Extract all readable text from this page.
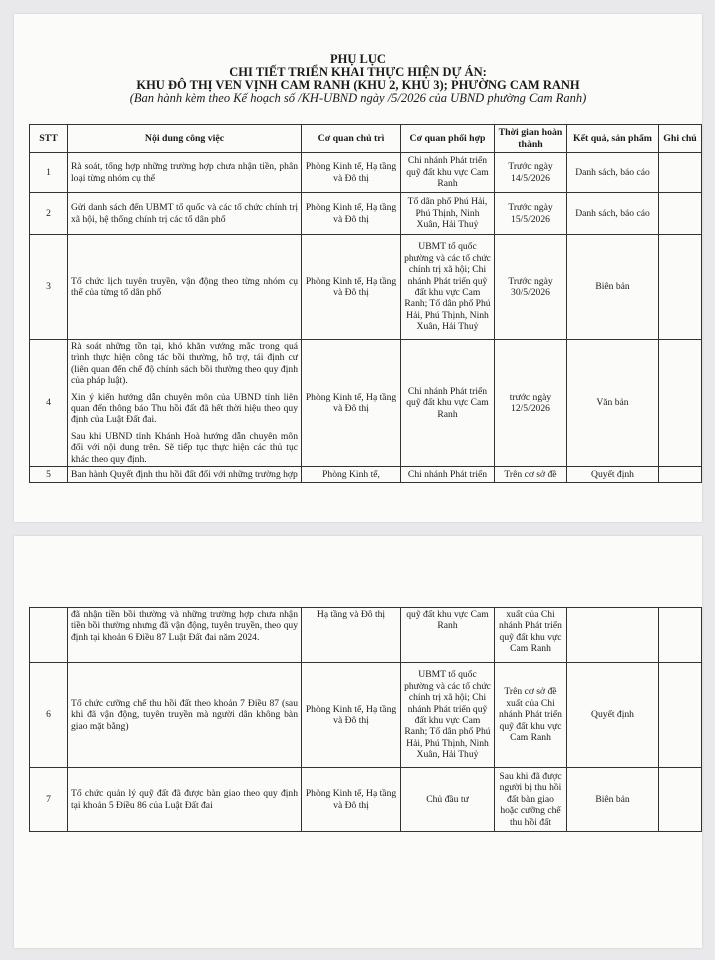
PHỤ LỤC
CHI TIẾT TRIỂN KHAI THỰC HIỆN DỰ ÁN:
KHU ĐÔ THỊ VEN VỊNH CAM RANH (KHU 2, KHU 3); PHƯỜNG CAM RANH
(Ban hành kèm theo Kế hoạch số /KH-UBND ngày /5/2026 của UBND phường Cam Ranh)
STT	Nội dung công việc	Cơ quan chủ trì	Cơ quan phối hợp	Thời gian hoàn thành	Kết quả, sản phẩm	Ghi chú
1	Rà soát, tổng hợp những trường hợp chưa nhận tiền, phân loại từng nhóm cụ thể	Phòng Kinh tế, Hạ tầng và Đô thị	Chi nhánh Phát triển quỹ đất khu vực Cam Ranh	Trước ngày 14/5/2026	Danh sách, báo cáo	
2	Gửi danh sách đến UBMT tổ quốc và các tổ chức chính trị xã hội, hệ thống chính trị các tổ dân phố	Phòng Kinh tế, Hạ tầng và Đô thị	Tổ dân phố Phú Hải, Phú Thịnh, Ninh Xuân, Hải Thuỷ	Trước ngày 15/5/2026	Danh sách, báo cáo	
3	Tổ chức lịch tuyên truyền, vận động theo từng nhóm cụ thể của từng tổ dân phố	Phòng Kinh tế, Hạ tầng và Đô thị	UBMT tổ quốc phường và các tổ chức chính trị xã hội; Chi nhánh Phát triển quỹ đất khu vực Cam Ranh; Tổ dân phố Phú Hải, Phú Thịnh, Ninh Xuân, Hải Thuỷ	Trước ngày 30/5/2026	Biên bản	
4	Rà soát những tồn tại, khó khăn vướng mắc trong quá trình thực hiện công tác bồi thường, hỗ trợ, tái định cư (liên quan đến chế độ chính sách bồi thường theo quy định của pháp luật).

Xin ý kiến hướng dẫn chuyên môn của UBND tỉnh liên quan đến thông báo Thu hồi đất đã hết thời hiệu theo quy định của Luật Đất đai.

Sau khi UBND tỉnh Khánh Hoà hướng dẫn chuyên môn đối với nội dung trên. Sẽ tiếp tục thực hiện các thủ tục khác theo quy định.	Phòng Kinh tế, Hạ tầng và Đô thị	Chi nhánh Phát triển quỹ đất khu vực Cam Ranh	trước ngày 12/5/2026	Văn bản	
5	Ban hành Quyết định thu hồi đất đối với những trường hợp	Phòng Kinh tế,	Chi nhánh Phát triển	Trên cơ sở đề	Quyết định	
	đã nhận tiền bồi thường và những trường hợp chưa nhận tiền bồi thường nhưng đã vận động, tuyên truyền, theo quy định tại khoản 6 Điều 87 Luật Đất đai năm 2024.	Hạ tầng và Đô thị	quỹ đất khu vực Cam Ranh	xuất của Chi nhánh Phát triển quỹ đất khu vực Cam Ranh		
6	Tổ chức cưỡng chế thu hồi đất theo khoản 7 Điều 87 (sau khi đã vận động, tuyên truyền mà người dân không bàn giao mặt bằng)	Phòng Kinh tế, Hạ tầng và Đô thị	UBMT tổ quốc phường và các tổ chức chính trị xã hội; Chi nhánh Phát triển quỹ đất khu vực Cam Ranh; Tổ dân phố Phú Hải, Phú Thịnh, Ninh Xuân, Hải Thuỷ	Trên cơ sở đề xuất của Chi nhánh Phát triển quỹ đất khu vực Cam Ranh	Quyết định	
7	Tổ chức quản lý quỹ đất đã được bàn giao theo quy định tại khoản 5 Điều 86 của Luật Đất đai	Phòng Kinh tế, Hạ tầng và Đô thị	Chủ đầu tư	Sau khi đã được người bị thu hồi đất bàn giao hoặc cưỡng chế thu hồi đất	Biên bản	
